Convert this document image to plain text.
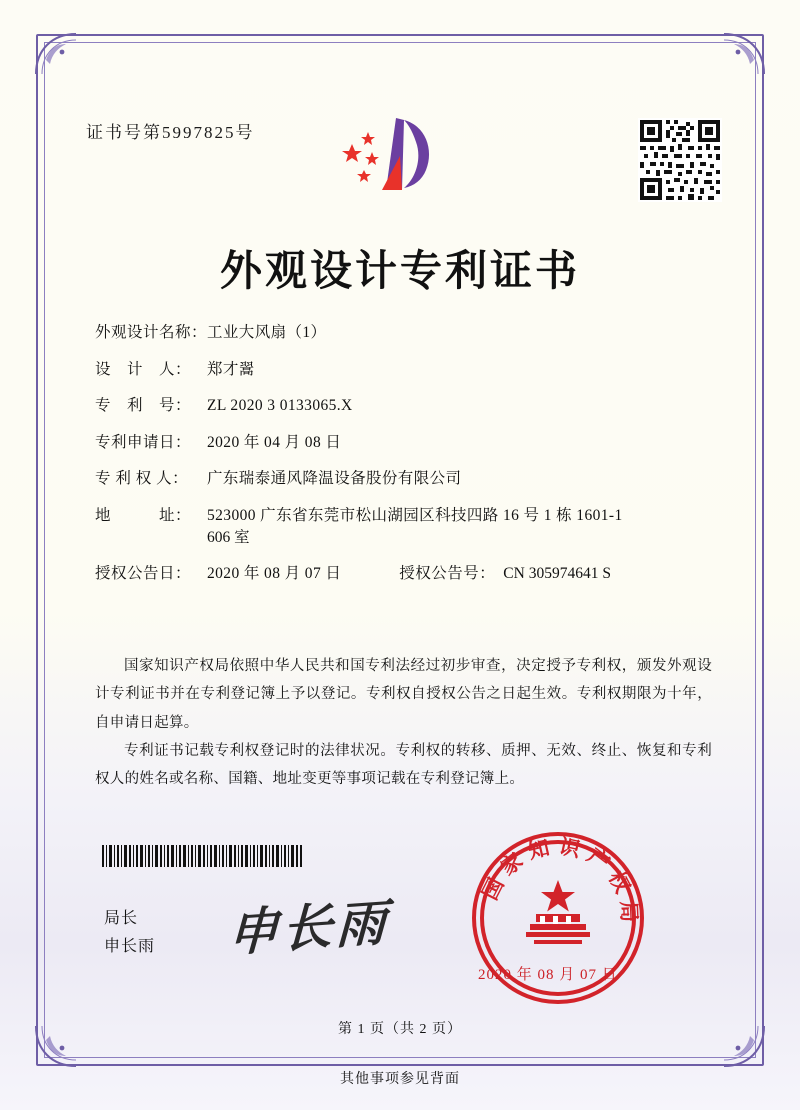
证书号第5997825号
外观设计专利证书
外观设计名称： 工业大风扇（1）
设　计　人：	郑才翯
专　利　号：	ZL 2020 3 0133065.X
专利申请日：	2020 年 04 月 08 日
专 利 权 人：	广东瑞泰通风降温设备股份有限公司
地　　　址：	523000 广东省东莞市松山湖园区科技四路 16 号 1 栋 1601-1
606 室
授权公告日：	2020 年 08 月 07 日	授权公告号： CN 305974641 S

国家知识产权局依照中华人民共和国专利法经过初步审查，决定授予专利权，颁发外观设计专利证书并在专利登记簿上予以登记。专利权自授权公告之日起生效。专利权期限为十年，自申请日起算。

专利证书记载专利权登记时的法律状况。专利权的转移、质押、无效、终止、恢复和专利权人的姓名或名称、国籍、地址变更等事项记载在专利登记簿上。

局长
申长雨 申长雨
国家知识产权局
2020 年 08 月 07 日
第 1 页（共 2 页）
其他事项参见背面
